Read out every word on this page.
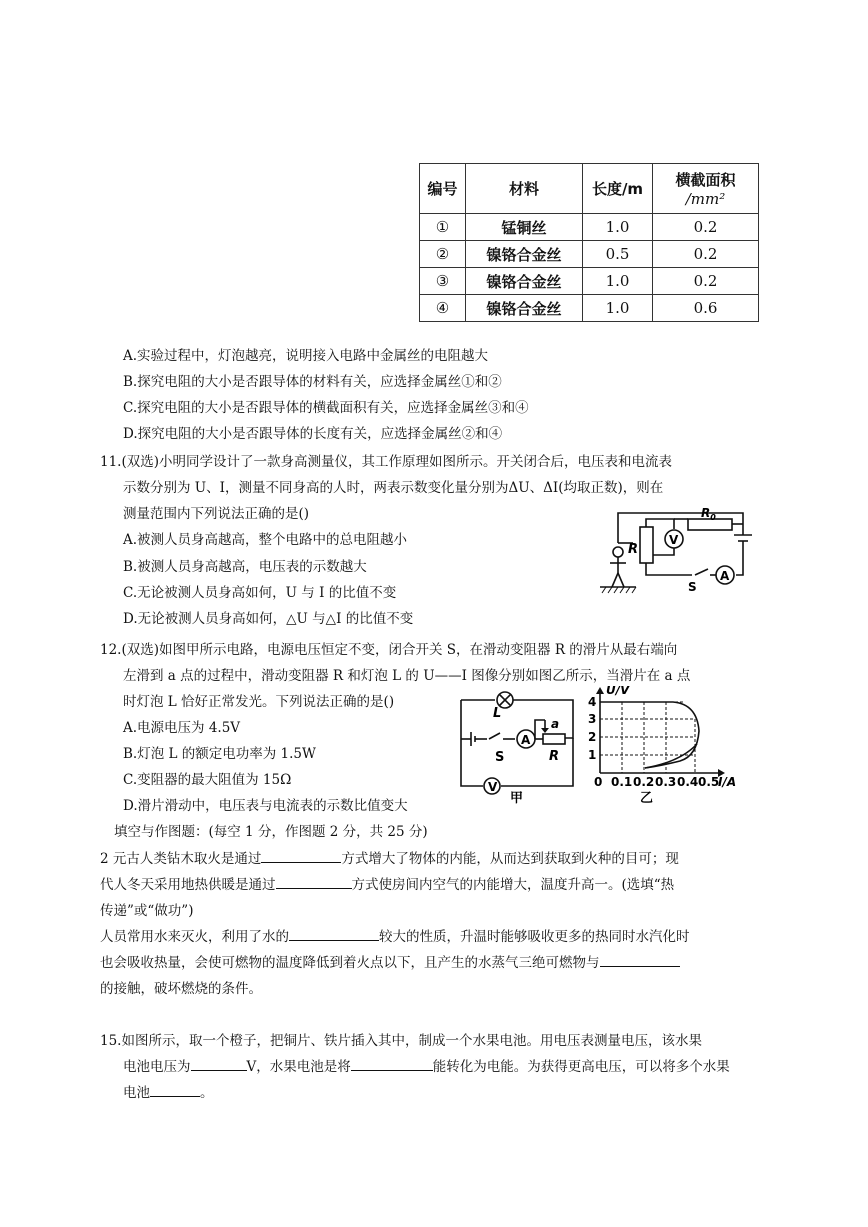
编号	材料	长度/m	横截面积
/mm²
①	锰铜丝	1.0	0.2
②	镍铬合金丝	0.5	0.2
③	镍铬合金丝	1.0	0.2
④	镍铬合金丝	1.0	0.6
A.实验过程中，灯泡越亮，说明接入电路中金属丝的电阻越大
B.探究电阻的大小是否跟导体的材料有关，应选择金属丝①和②
C.探究电阻的大小是否跟导体的横截面积有关，应选择金属丝③和④
D.探究电阻的大小是否跟导体的长度有关，应选择金属丝②和④
11.(双选)小明同学设计了一款身高测量仪，其工作原理如图所示。开关闭合后，电压表和电流表
示数分别为 U、I，测量不同身高的人时，两表示数变化量分别为ΔU、ΔI(均取正数)，则在
测量范围内下列说法正确的是()
A.被测人员身高越高，整个电路中的总电阻越小
B.被测人员身高越高，电压表的示数越大
C.无论被测人员身高如何，U 与 I 的比值不变
D.无论被测人员身高如何，△U 与△I 的比值不变
R
V
$R_0$
S
A
12.(双选)如图甲所示电路，电源电压恒定不变，闭合开关 S，在滑动变阻器 R 的滑片从最右端向
左滑到 a 点的过程中，滑动变阻器 R 和灯泡 L 的 U——I 图像分别如图乙所示，当滑片在 a 点
时灯泡 L 恰好正常发光。下列说法正确的是()
A.电源电压为 4.5V
B.灯泡 L 的额定电功率为 1.5W
C.变阻器的最大阻值为 15Ω
D.滑片滑动中，电压表与电流表的示数比值变大
L
S
A
a
R
V
甲
U/V
4
3
2
1
0 0.1 0.2 0.3 0.4 0.5
I/A
乙
填空与作图题：(每空 1 分，作图题 2 分，共 25 分)
2 元古人类钻木取火是通过	方式增大了物体的内能，从而达到获取到火种的目可；现
代人冬天采用地热供暖是通过	方式使房间内空气的内能增大，温度升高一。(选填“热
传递”或“做功”)
人员常用水来灭火，利用了水的	较大的性质，升温时能够吸收更多的热同时水汽化时
也会吸收热量，会使可燃物的温度降低到着火点以下，且产生的水蒸气三绝可燃物与
的接触，破坏燃烧的条件。
15.如图所示，取一个橙子，把铜片、铁片插入其中，制成一个水果电池。用电压表测量电压，该水果
电池电压为	V，水果电池是将	能转化为电能。为获得更高电压，可以将多个水果
电池	。
